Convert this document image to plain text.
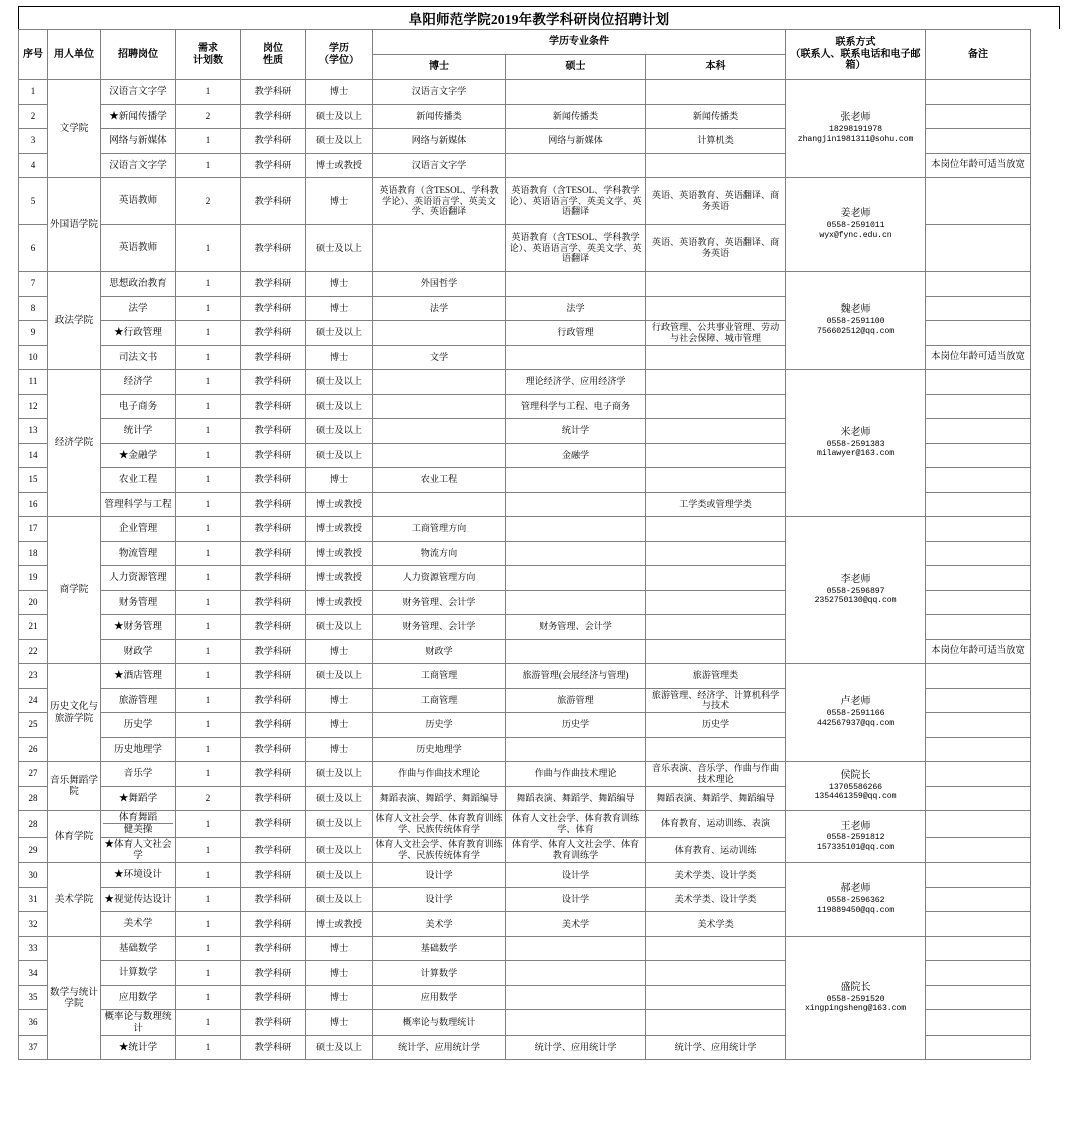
阜阳师范学院2019年教学科研岗位招聘计划
序号	用人单位	招聘岗位	需求
计划数	岗位
性质	学历
（学位）	学历专业条件			联系方式
（联系人、联系电话和电子邮箱）	备注
						博士	硕士	本科		
1	文学院	汉语言文字学	1	教学科研	博士	汉语言文字学			张老师
18298191978
zhangjin1981311@sohu.com	

2		★新闻传播学	2	教学科研	硕士及以上	新闻传播类	新闻传播类	新闻传播类		
3		网络与新媒体	1	教学科研	硕士及以上	网络与新媒体	网络与新媒体	计算机类		
4		汉语言文字学	1	教学科研	博士或教授	汉语言文字学				本岗位年龄可适当放宽
5	外国语学院	英语教师	2	教学科研	博士	英语教育（含TESOL、学科教学论）、英语语言学、英美文学、英语翻译	英语教育（含TESOL、学科教学论）、英语语言学、英美文学、英语翻译	英语、英语教育、英语翻译、商务英语	姜老师
0558-2591011
wyx@fync.edu.cn	

6		英语教师	1	教学科研	硕士及以上		英语教育（含TESOL、学科教学论）、英语语言学、英美文学、英语翻译	英语、英语教育、英语翻译、商务英语		
7	政法学院	思想政治教育	1	教学科研	博士	外国哲学			魏老师
0558-2591100
756602512@qq.com	

8		法学	1	教学科研	博士	法学	法学			
9		★行政管理	1	教学科研	硕士及以上		行政管理	行政管理、公共事业管理、劳动与社会保障、城市管理		
10		司法文书	1	教学科研	博士	文学				本岗位年龄可适当放宽
11	经济学院	经济学	1	教学科研	硕士及以上		理论经济学、应用经济学		米老师
0558-2591383
milawyer@163.com	

12		电子商务	1	教学科研	硕士及以上		管理科学与工程、电子商务			
13		统计学	1	教学科研	硕士及以上		统计学			
14		★金融学	1	教学科研	硕士及以上		金融学			
15		农业工程	1	教学科研	博士	农业工程				
16		管理科学与工程	1	教学科研	博士或教授			工学类或管理学类		
17	商学院	企业管理	1	教学科研	博士或教授	工商管理方向			李老师
0558-2596897
2352750130@qq.com	

18		物流管理	1	教学科研	博士或教授	物流方向				
19		人力资源管理	1	教学科研	博士或教授	人力资源管理方向				
20		财务管理	1	教学科研	博士或教授	财务管理、会计学				
21		★财务管理	1	教学科研	硕士及以上	财务管理、会计学	财务管理、会计学			
22		财政学	1	教学科研	博士	财政学				本岗位年龄可适当放宽
23	历史文化与旅游学院	★酒店管理	1	教学科研	硕士及以上	工商管理	旅游管理(会展经济与管理)	旅游管理类	卢老师
0558-2591166
442567937@qq.com	

24		旅游管理	1	教学科研	博士	工商管理	旅游管理	旅游管理、经济学、计算机科学与技术		
25		历史学	1	教学科研	博士	历史学	历史学	历史学		
26		历史地理学	1	教学科研	博士	历史地理学				
27	音乐舞蹈学院	音乐学	1	教学科研	硕士及以上	作曲与作曲技术理论	作曲与作曲技术理论	音乐表演、音乐学、作曲与作曲技术理论	侯院长
13705586266
1354461359@qq.com	

28		★舞蹈学	2	教学科研	硕士及以上	舞蹈表演、舞蹈学、舞蹈编导	舞蹈表演、舞蹈学、舞蹈编导	舞蹈表演、舞蹈学、舞蹈编导		
28	体育学院	体育舞蹈
健美操	1	教学科研	硕士及以上	体育人文社会学、体育教育训练学、民族传统体育学	体育人文社会学、体育教育训练学、体育	体育教育、运动训练、表演	王老师
0558-2591812
157335101@qq.com	

29		★体育人文社会学	1	教学科研	硕士及以上	体育人文社会学、体育教育训练学、民族传统体育学	体育学、体育人文社会学、体育教育训练学	体育教育、运动训练		
30	美术学院	★环境设计	1	教学科研	硕士及以上	设计学	设计学	美术学类、设计学类	郝老师
0558-2596362
119889450@qq.com	

31		★视觉传达设计	1	教学科研	硕士及以上	设计学	设计学	美术学类、设计学类		
32		美术学	1	教学科研	博士或教授	美术学	美术学	美术学类		
33	数学与统计学院	基础数学	1	教学科研	博士	基础数学			盛院长
0558-2591520
xingpingsheng@163.com	

34		计算数学	1	教学科研	博士	计算数学				
35		应用数学	1	教学科研	博士	应用数学				
36		概率论与数理统计	1	教学科研	博士	概率论与数理统计				
37		★统计学	1	教学科研	硕士及以上	统计学、应用统计学	统计学、应用统计学	统计学、应用统计学		
